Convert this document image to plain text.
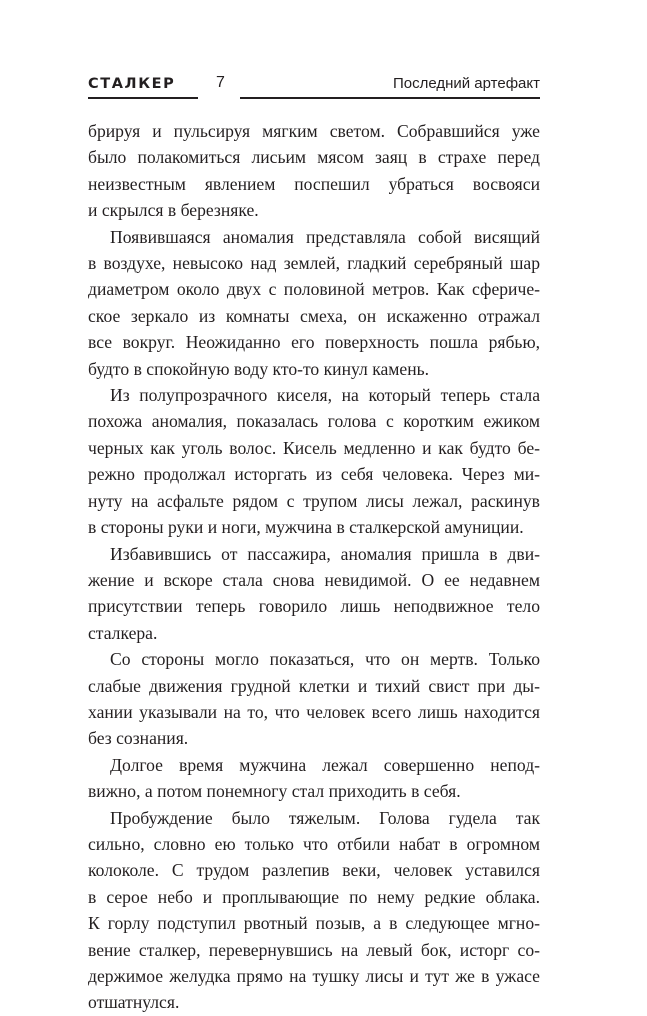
СТАЛКЕР	7	Последний артефакт

брируя и пульсируя мягким светом. Собравшийся уже
было полакомиться лисьим мясом заяц в страхе перед
неизвестным явлением поспешил убраться восвояси
и скрылся в березняке.

Появившаяся аномалия представляла собой висящий
в воздухе, невысоко над землей, гладкий серебряный шар
диаметром около двух с половиной метров. Как сфериче-
ское зеркало из комнаты смеха, он искаженно отражал
все вокруг. Неожиданно его поверхность пошла рябью,
будто в спокойную воду кто-то кинул камень.

Из полупрозрачного киселя, на который теперь стала
похожа аномалия, показалась голова с коротким ежиком
черных как уголь волос. Кисель медленно и как будто бе-
режно продолжал исторгать из себя человека. Через ми-
нуту на асфальте рядом с трупом лисы лежал, раскинув
в стороны руки и ноги, мужчина в сталкерской амуниции.

Избавившись от пассажира, аномалия пришла в дви-
жение и вскоре стала снова невидимой. О ее недавнем
присутствии теперь говорило лишь неподвижное тело
сталкера.

Со стороны могло показаться, что он мертв. Только
слабые движения грудной клетки и тихий свист при ды-
хании указывали на то, что человек всего лишь находится
без сознания.

Долгое время мужчина лежал совершенно непод-
вижно, а потом понемногу стал приходить в себя.

Пробуждение было тяжелым. Голова гудела так
сильно, словно ею только что отбили набат в огромном
колоколе. С трудом разлепив веки, человек уставился
в серое небо и проплывающие по нему редкие облака.
К горлу подступил рвотный позыв, а в следующее мгно-
вение сталкер, перевернувшись на левый бок, исторг со-
держимое желудка прямо на тушку лисы и тут же в ужасе
отшатнулся.
